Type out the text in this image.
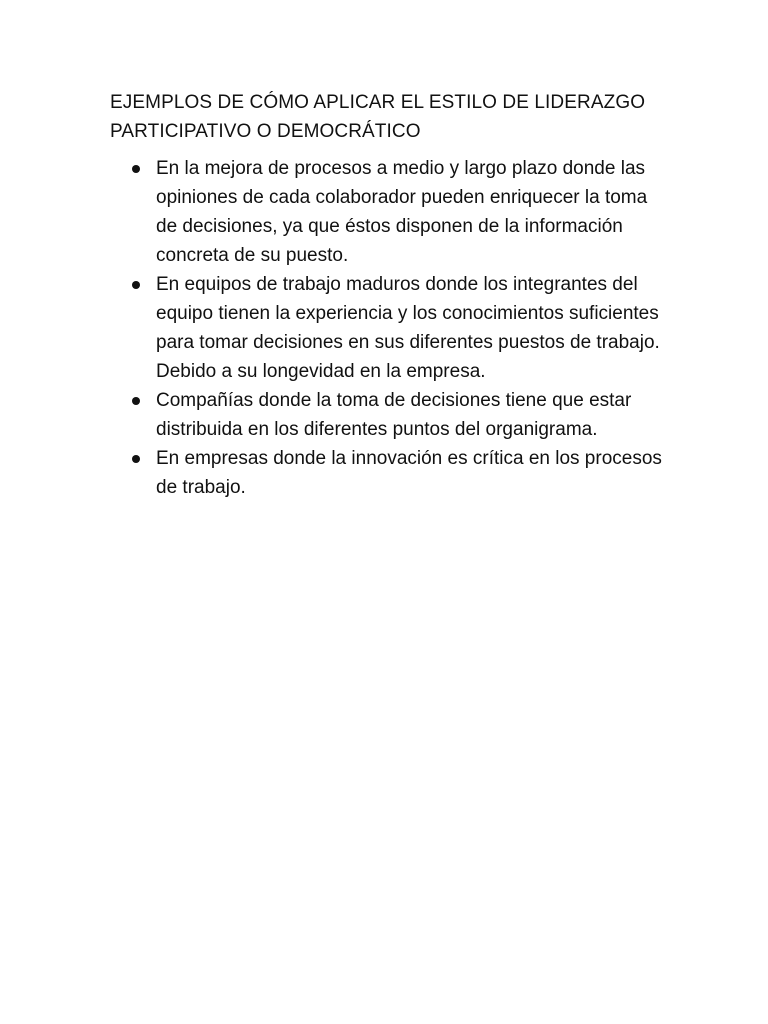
EJEMPLOS DE CÓMO APLICAR EL ESTILO DE LIDERAZGO PARTICIPATIVO O DEMOCRÁTICO
En la mejora de procesos a medio y largo plazo donde las opiniones de cada colaborador pueden enriquecer la toma de decisiones, ya que éstos disponen de la información concreta de su puesto.
En equipos de trabajo maduros donde los integrantes del equipo tienen la experiencia y los conocimientos suficientes para tomar decisiones en sus diferentes puestos de trabajo. Debido a su longevidad en la empresa.
Compañías donde la toma de decisiones tiene que estar distribuida en los diferentes puntos del organigrama.
En empresas donde la innovación es crítica en los procesos de trabajo.
